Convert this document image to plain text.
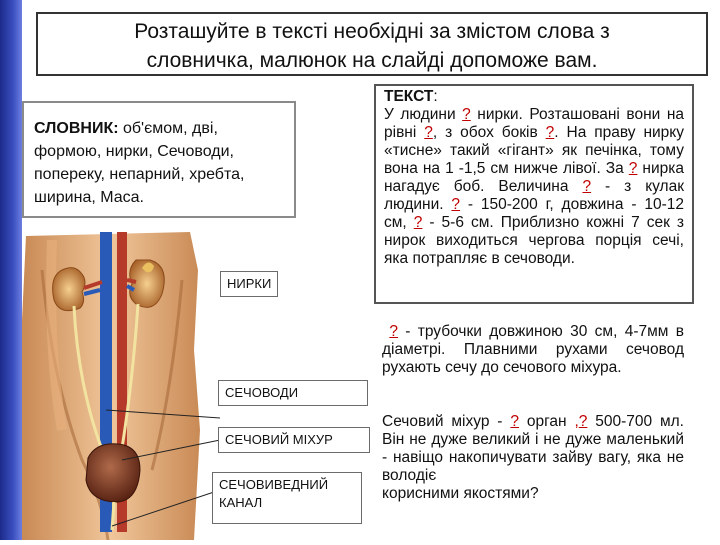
Розташуйте в тексті необхідні за змістом слова з
словничка, малюнок на слайді допоможе вам.
СЛОВНИК: об'ємом, дві, формою, нирки, Сечоводи, попереку, непарний, хребта, ширина, Маса.
НИРКИ
СЕЧОВОДИ
СЕЧОВИЙ МІХУР
СЕЧОВИВЕДНИЙ КАНАЛ
ТЕКСТ:
У людини ? нирки. Розташовані вони на рівні ?, з обох боків ?. На праву нирку «тисне» такий «гігант» як печінка, тому вона на 1 -1,5 см нижче лівої. За ? нирка нагадує боб. Величина ? - з кулак людини. ? - 150-200 г, довжина - 10-12 см, ? - 5-6 см. Приблизно кожні 7 сек з нирок виходиться чергова порція сечі, яка потрапляє в сечоводи.
? - трубочки довжиною 30 см, 4-7мм в діаметрі. Плавними рухами сечовод рухають сечу до сечового міхура.
Сечовий міхур - ? орган ,? 500-700 мл. Він не дуже великий і не дуже маленький - навіщо накопичувати зайву вагу, яка не володіє
корисними якостями?
